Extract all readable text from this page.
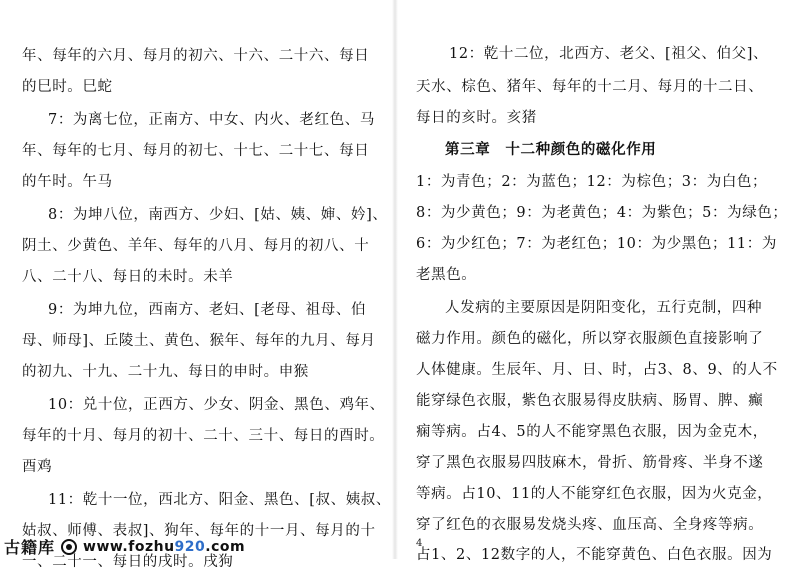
年、每年的六月、每月的初六、十六、二十六、每日
的巳时。巳蛇
7：为离七位，正南方、中女、内火、老红色、马
年、每年的七月、每月的初七、十七、二十七、每日
的午时。午马
8：为坤八位，南西方、少妇、[姑、姨、婶、妗]、
阴土、少黄色、羊年、每年的八月、每月的初八、十
八、二十八、每日的未时。未羊
9：为坤九位，西南方、老妇、[老母、祖母、伯
母、师母]、丘陵土、黄色、猴年、每年的九月、每月
的初九、十九、二十九、每日的申时。申猴
10：兑十位，正西方、少女、阴金、黑色、鸡年、
每年的十月、每月的初十、二十、三十、每日的酉时。
酉鸡
11：乾十一位，西北方、阳金、黑色、[叔、姨叔、
姑叔、师傅、表叔]、狗年、每年的十一月、每月的十
一、二十一、每日的戌时。戌狗
12：乾十二位，北西方、老父、[祖父、伯父]、
天水、棕色、猪年、每年的十二月、每月的十二日、
每日的亥时。亥猪
第三章　十二种颜色的磁化作用
1：为青色；2：为蓝色；12：为棕色；3：为白色；
8：为少黄色；9：为老黄色；4：为紫色；5：为绿色；
6：为少红色；7：为老红色；10：为少黑色；11：为
老黑色。
人发病的主要原因是阴阳变化，五行克制，四种
磁力作用。颜色的磁化，所以穿衣服颜色直接影响了
人体健康。生辰年、月、日、时，占3、8、9、的人不
能穿绿色衣服，紫色衣服易得皮肤病、肠胃、脾、癫
痫等病。占4、5的人不能穿黑色衣服，因为金克木，
穿了黑色衣服易四肢麻木，骨折、筋骨疼、半身不遂
等病。占10、11的人不能穿红色衣服，因为火克金，
穿了红色的衣服易发烧头疼、血压高、全身疼等病。
4
占1、2、12数字的人，不能穿黄色、白色衣服。因为
古籍库 www.fozhu920.com
